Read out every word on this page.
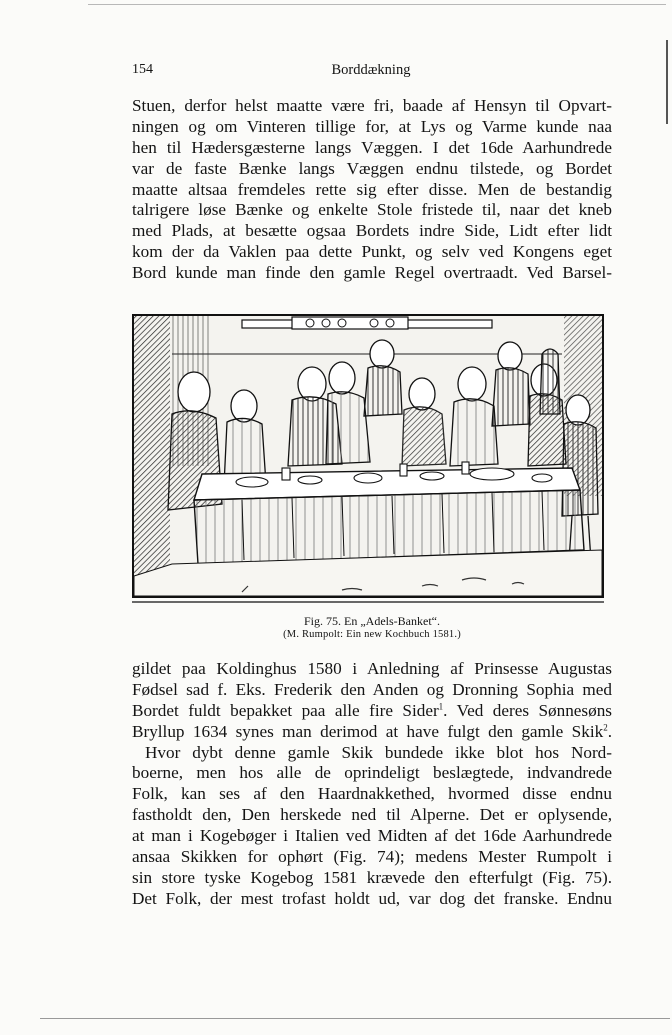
154	Borddækning
Stuen, derfor helst maatte være fri, baade af Hensyn til Opvart-
ningen og om Vinteren tillige for, at Lys og Varme kunde naa
hen til Hædersgæsterne langs Væggen. I det 16de Aarhundrede
var de faste Bænke langs Væggen endnu tilstede, og Bordet
maatte altsaa fremdeles rette sig efter disse. Men de bestandig
talrigere løse Bænke og enkelte Stole fristede til, naar det kneb
med Plads, at besætte ogsaa Bordets indre Side, Lidt efter lidt
kom der da Vaklen paa dette Punkt, og selv ved Kongens eget
Bord kunde man finde den gamle Regel overtraadt. Ved Barsel-
Fig. 75. En „Adels-Banket“.
(M. Rumpolt: Ein new Kochbuch 1581.)
gildet paa Koldinghus 1580 i Anledning af Prinsesse Augustas
Fødsel sad f. Eks. Frederik den Anden og Dronning Sophia med
Bordet fuldt bepakket paa alle fire Sider$^1$. Ved deres Sønnesøns
Bryllup 1634 synes man derimod at have fulgt den gamle Skik$^2$.
Hvor dybt denne gamle Skik bundede ikke blot hos Nord-
boerne, men hos alle de oprindeligt beslægtede, indvandrede
Folk, kan ses af den Haardnakkethed, hvormed disse endnu
fastholdt den, Den herskede ned til Alperne. Det er oplysende,
at man i Kogebøger i Italien ved Midten af det 16de Aarhundrede
ansaa Skikken for ophørt (Fig. 74); medens Mester Rumpolt i
sin store tyske Kogebog 1581 krævede den efterfulgt (Fig. 75).
Det Folk, der mest trofast holdt ud, var dog det franske. Endnu
